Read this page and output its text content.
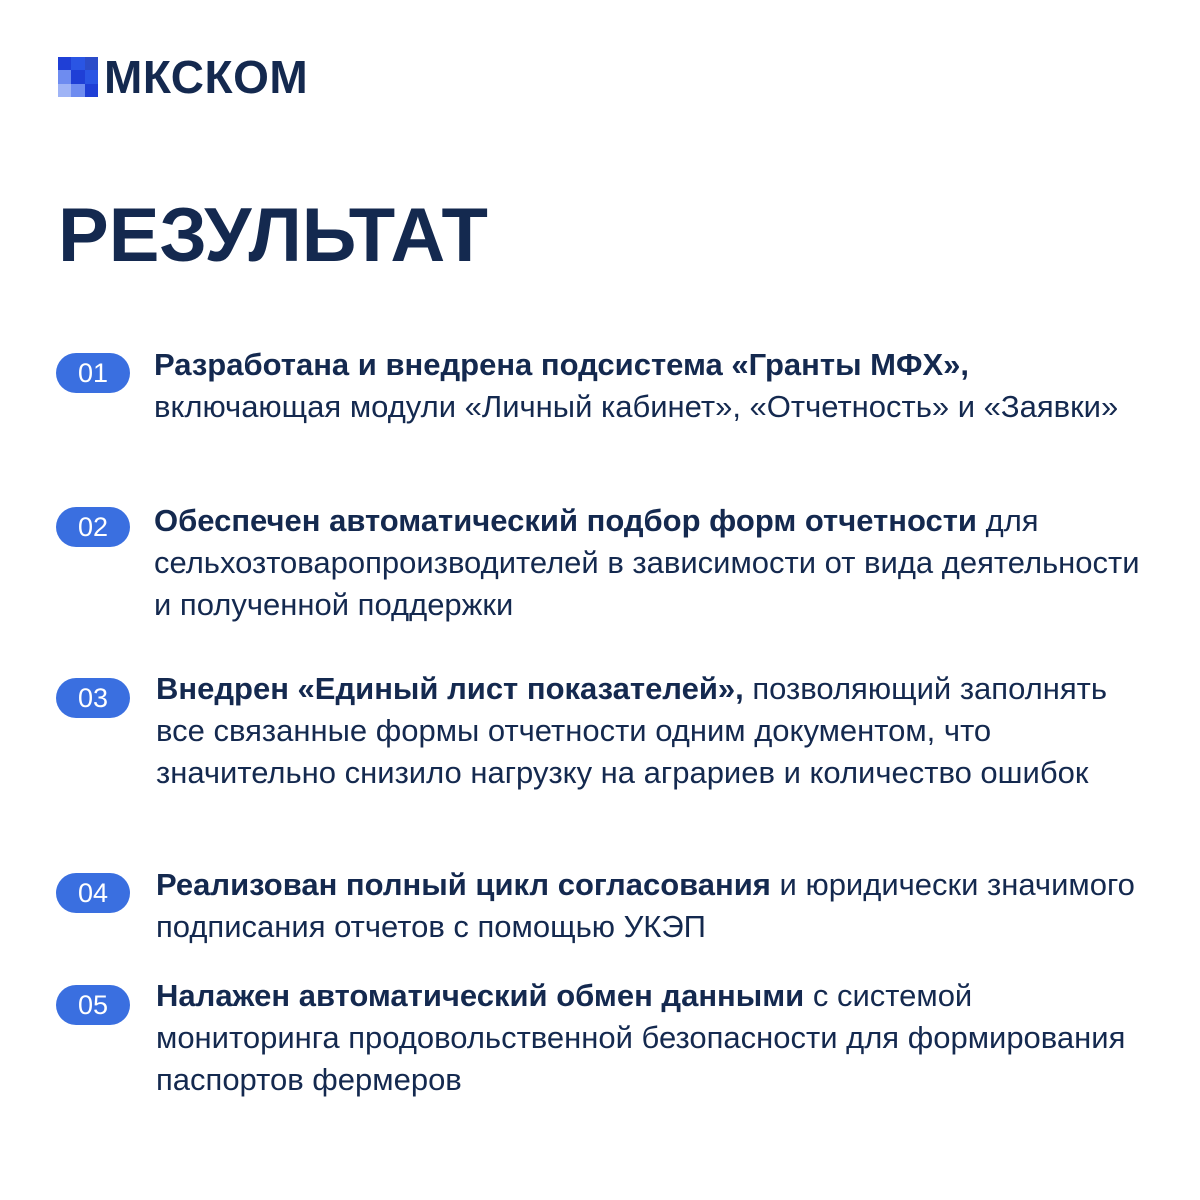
МКСКОМ
РЕЗУЛЬТАТ
01	Разработана и внедрена подсистема «Гранты МФХ», включающая модули «Личный кабинет», «Отчетность» и «Заявки»

02	Обеспечен автоматический подбор форм отчетности для сельхозтоваропроизводителей в зависимости от вида деятельности и полученной поддержки

03	Внедрен «Единый лист показателей», позволяющий заполнять все связанные формы отчетности одним документом, что значительно снизило нагрузку на аграриев и количество ошибок

04	Реализован полный цикл согласования и юридически значимого подписания отчетов с помощью УКЭП

05	Налажен автоматический обмен данными с системой мониторинга продовольственной безопасности для формирования паспортов фермеров
